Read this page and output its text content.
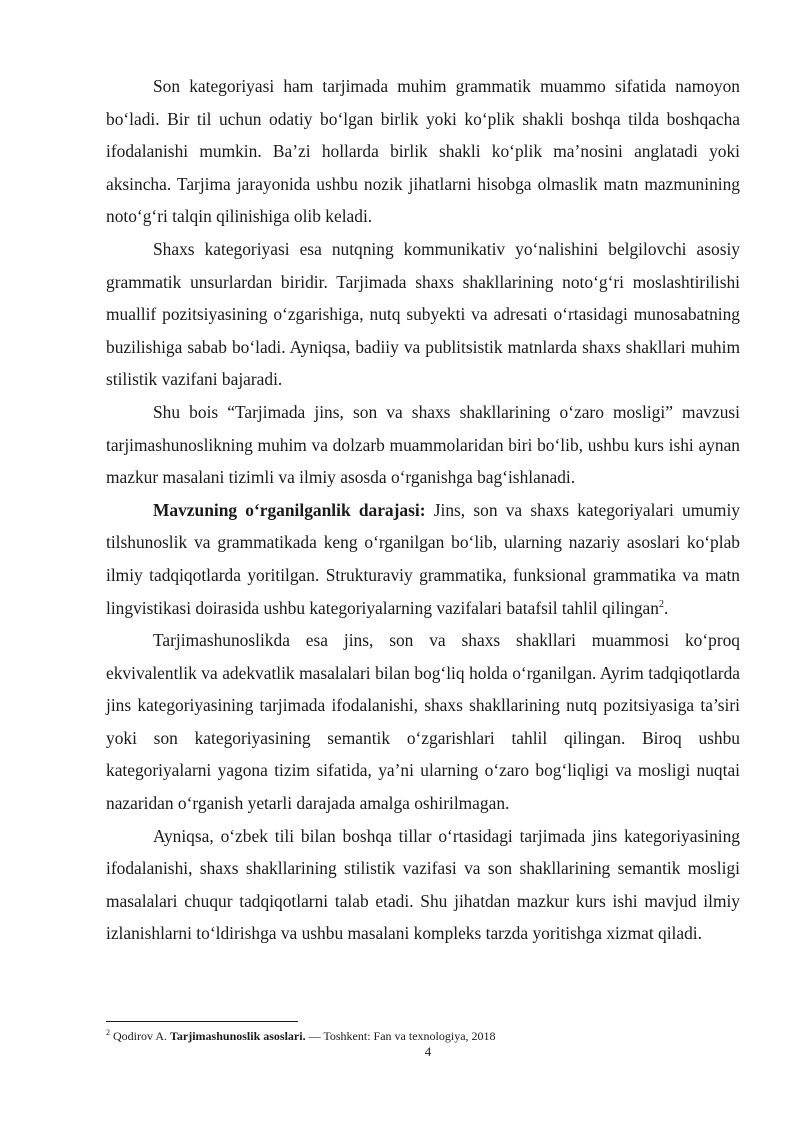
Son kategoriyasi ham tarjimada muhim grammatik muammo sifatida namoyon bo‘ladi. Bir til uchun odatiy bo‘lgan birlik yoki ko‘plik shakli boshqa tilda boshqacha ifodalanishi mumkin. Ba’zi hollarda birlik shakli ko‘plik ma’nosini anglatadi yoki aksincha. Tarjima jarayonida ushbu nozik jihatlarni hisobga olmaslik matn mazmunining noto‘g‘ri talqin qilinishiga olib keladi.

Shaxs kategoriyasi esa nutqning kommunikativ yo‘nalishini belgilovchi asosiy grammatik unsurlardan biridir. Tarjimada shaxs shakllarining noto‘g‘ri moslashtirilishi muallif pozitsiyasining o‘zgarishiga, nutq subyekti va adresati o‘rtasidagi munosabatning buzilishiga sabab bo‘ladi. Ayniqsa, badiiy va publitsistik matnlarda shaxs shakllari muhim stilistik vazifani bajaradi.

Shu bois “Tarjimada jins, son va shaxs shakllarining o‘zaro mosligi” mavzusi tarjimashunoslikning muhim va dolzarb muammolaridan biri bo‘lib, ushbu kurs ishi aynan mazkur masalani tizimli va ilmiy asosda o‘rganishga bag‘ishlanadi.

Mavzuning o‘rganilganlik darajasi: Jins, son va shaxs kategoriyalari umumiy tilshunoslik va grammatikada keng o‘rganilgan bo‘lib, ularning nazariy asoslari ko‘plab ilmiy tadqiqotlarda yoritilgan. Strukturaviy grammatika, funksional grammatika va matn lingvistikasi doirasida ushbu kategoriyalarning vazifalari batafsil tahlil qilingan$^2$.

Tarjimashunoslikda esa jins, son va shaxs shakllari muammosi ko‘proq ekvivalentlik va adekvatlik masalalari bilan bog‘liq holda o‘rganilgan. Ayrim tadqiqotlarda jins kategoriyasining tarjimada ifodalanishi, shaxs shakllarining nutq pozitsiyasiga ta’siri yoki son kategoriyasining semantik o‘zgarishlari tahlil qilingan. Biroq ushbu kategoriyalarni yagona tizim sifatida, ya’ni ularning o‘zaro bog‘liqligi va mosligi nuqtai nazaridan o‘rganish yetarli darajada amalga oshirilmagan.

Ayniqsa, o‘zbek tili bilan boshqa tillar o‘rtasidagi tarjimada jins kategoriyasining ifodalanishi, shaxs shakllarining stilistik vazifasi va son shakllarining semantik mosligi masalalari chuqur tadqiqotlarni talab etadi. Shu jihatdan mazkur kurs ishi mavjud ilmiy izlanishlarni to‘ldirishga va ushbu masalani kompleks tarzda yoritishga xizmat qiladi.

$^2$ Qodirov A. Tarjimashunoslik asoslari. — Toshkent: Fan va texnologiya, 2018
4
